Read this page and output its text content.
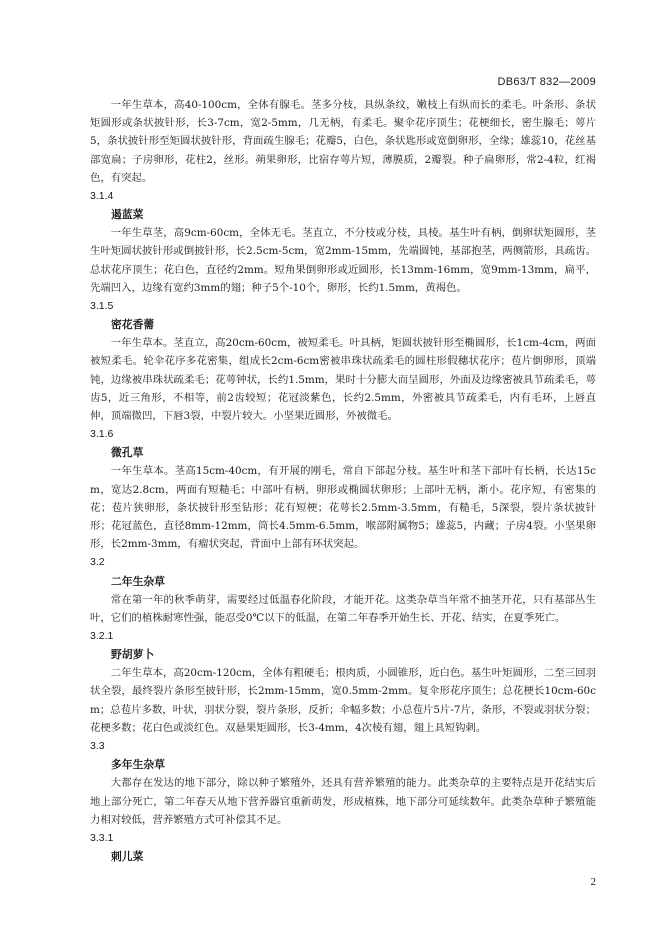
DB63/T 832—2009

一年生草本，高40-100cm，全体有腺毛。茎多分枝，具纵条纹，嫩枝上有纵而长的柔毛。叶条形、条状矩圆形或条状披针形，长3-7cm，宽2-5mm，几无柄，有柔毛。聚伞花序顶生；花梗细长，密生腺毛；萼片5，条状披针形至矩圆状披针形，背面疏生腺毛；花瓣5，白色，条状匙形或宽倒卵形，全缘；雄蕊10，花丝基部宽扁；子房卵形，花柱2，丝形。蒴果卵形，比宿存萼片短，薄膜质，2瓣裂。种子扁卵形，常2-4粒，红褐色，有突起。

3.1.4

遏蓝菜

一年生草茎，高9cm-60cm，全体无毛。茎直立，不分枝或分枝，具棱。基生叶有柄，倒卵状矩圆形，茎生叶矩圆状披针形或倒披针形，长2.5cm-5cm，宽2mm-15mm，先端圆钝，基部抱茎，两侧箭形，具疏齿。总状花序顶生；花白色，直径约2mm。短角果倒卵形或近圆形，长13mm-16mm，宽9mm-13mm，扁平，先端凹入，边缘有宽约3mm的翅；种子5个-10个，卵形，长约1.5mm，黄褐色。

3.1.5

密花香薷

一年生草本。茎直立，高20cm-60cm，被短柔毛。叶具柄，矩圆状披针形至椭圆形，长1cm-4cm，两面被短柔毛。轮伞花序多花密集，组成长2cm-6cm密被串珠状疏柔毛的圆柱形假穗状花序；苞片倒卵形，顶端钝，边缘被串珠状疏柔毛；花萼钟状，长约1.5mm，果时十分膨大而呈圆形，外面及边缘密被具节疏柔毛，萼齿5，近三角形，不相等，前2齿较短；花冠淡紫色，长约2.5mm，外密被具节疏柔毛，内有毛环，上唇直伸，顶端微凹，下唇3裂，中裂片较大。小坚果近圆形，外被微毛。

3.1.6

微孔草

一年生草本。茎高15cm-40cm，有开展的刚毛，常自下部起分枝。基生叶和茎下部叶有长柄，长达15cm，宽达2.8cm，两面有短糙毛；中部叶有柄，卵形或椭圆状卵形；上部叶无柄，渐小。花序短，有密集的花；苞片狭卵形，条状披针形至钻形；花有短梗；花萼长2.5mm-3.5mm，有糙毛，5深裂，裂片条状披针形；花冠蓝色，直径8mm-12mm，筒长4.5mm-6.5mm，喉部附属物5；雄蕊5，内藏；子房4裂。小坚果卵形，长2mm-3mm，有瘤状突起，背面中上部有环状突起。

3.2

二年生杂草

常在第一年的秋季萌芽，需要经过低温春化阶段，才能开花。这类杂草当年常不抽茎开花，只有基部丛生叶，它们的植株耐寒性强，能忍受0℃以下的低温，在第二年春季开始生长、开花、结实，在夏季死亡。

3.2.1

野胡萝卜

二年生草本，高20cm-120cm，全体有粗硬毛；根肉质，小圆锥形，近白色。基生叶矩圆形，二至三回羽状全裂，最终裂片条形至披针形，长2mm-15mm，宽0.5mm-2mm。复伞形花序顶生；总花梗长10cm-60cm；总苞片多数，叶状，羽状分裂，裂片条形，反折；伞幅多数；小总苞片5片-7片，条形，不裂或羽状分裂；花梗多数；花白色或淡红色。双悬果矩圆形，长3-4mm，4次棱有翅，翅上具短钩刺。

3.3

多年生杂草

大都存在发达的地下部分，除以种子繁殖外，还具有营养繁殖的能力。此类杂草的主要特点是开花结实后地上部分死亡，第二年春天从地下营养器官重新萌发，形成植株，地下部分可延续数年。此类杂草种子繁殖能力相对较低，营养繁殖方式可补偿其不足。

3.3.1

刺儿菜

2
